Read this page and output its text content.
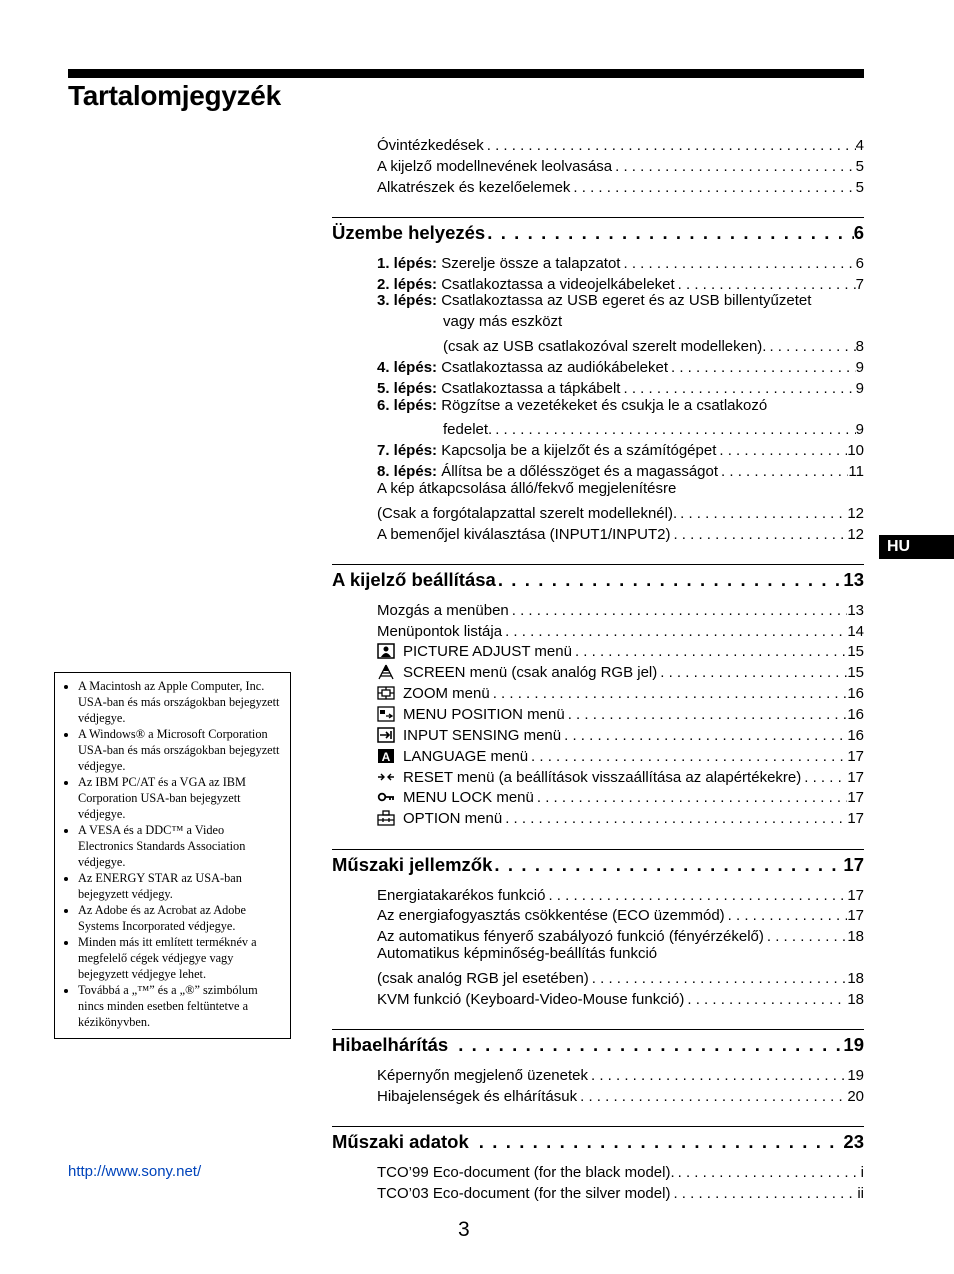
Tartalomjegyzék
Óvintézkedések . . .	4
A kijelző modellnevének leolvasása . . .	5
Alkatrészek és kezelőelemek . . .	5
Üzembe helyezés . . .	6
1. lépés: Szerelje össze a talapzatot . . .	6
2. lépés: Csatlakoztassa a videojelkábeleket . . .	7
3. lépés: Csatlakoztassa az USB egeret és az USB billentyűzetet
vagy más eszközt
(csak az USB csatlakozóval szerelt modelleken). . . .	8
4. lépés: Csatlakoztassa az audiókábeleket . . .	9
5. lépés: Csatlakoztassa a tápkábelt . . .	9
6. lépés: Rögzítse a vezetékeket és csukja le a csatlakozó
fedelet. . . .	9
7. lépés: Kapcsolja be a kijelzőt és a számítógépet . . .	10
8. lépés: Állítsa be a dőlésszöget és a magasságot . . .	11
A kép átkapcsolása álló/fekvő megjelenítésre
(Csak a forgótalapzattal szerelt modelleknél). . . .	12
A bemenőjel kiválasztása (INPUT1/INPUT2) . . .	12
A kijelző beállítása . . .	13
Mozgás a menüben . . .	13
Menüpontok listája . . .	14
PICTURE ADJUST menü . . .	15
SCREEN menü (csak analóg RGB jel) . . .	15
ZOOM menü . . .	16
MENU POSITION menü . . .	16
INPUT SENSING menü . . .	16
A LANGUAGE menü . . .	17
RESET menü (a beállítások visszaállítása az alapértékekre) . . .	17
MENU LOCK menü . . .	17
OPTION menü . . .	17
Műszaki jellemzők . . .	17
Energiatakarékos funkció . . .	17
Az energiafogyasztás csökkentése (ECO üzemmód) . . .	17
Az automatikus fényerő szabályozó funkció (fényérzékelő) . . .	18
Automatikus képminőség-beállítás funkció
(csak analóg RGB jel esetében) . . .	18
KVM funkció (Keyboard-Video-Mouse funkció) . . .	18
Hibaelhárítás . . .	19
Képernyőn megjelenő üzenetek . . .	19
Hibajelenségek és elhárításuk . . .	20
Műszaki adatok . . .	23
TCO’99 Eco-document (for the black model). . . .	i
TCO’03 Eco-document (for the silver model) . . .	ii
HU
• A Macintosh az Apple Computer, Inc. USA-ban és más országokban bejegyzett védjegye.
• A Windows® a Microsoft Corporation USA-ban és más országokban bejegyzett védjegye.
• Az IBM PC/AT és a VGA az IBM Corporation USA-ban bejegyzett védjegye.
• A VESA és a DDC™ a Video Electronics Standards Association védjegye.
• Az ENERGY STAR az USA-ban bejegyzett védjegy.
• Az Adobe és az Acrobat az Adobe Systems Incorporated védjegye.
• Minden más itt említett terméknév a megfelelő cégek védjegye vagy bejegyzett védjegye lehet.
• Továbbá a „™” és a „®” szimbólum nincs minden esetben feltüntetve a kézikönyvben.
http://www.sony.net/
3
